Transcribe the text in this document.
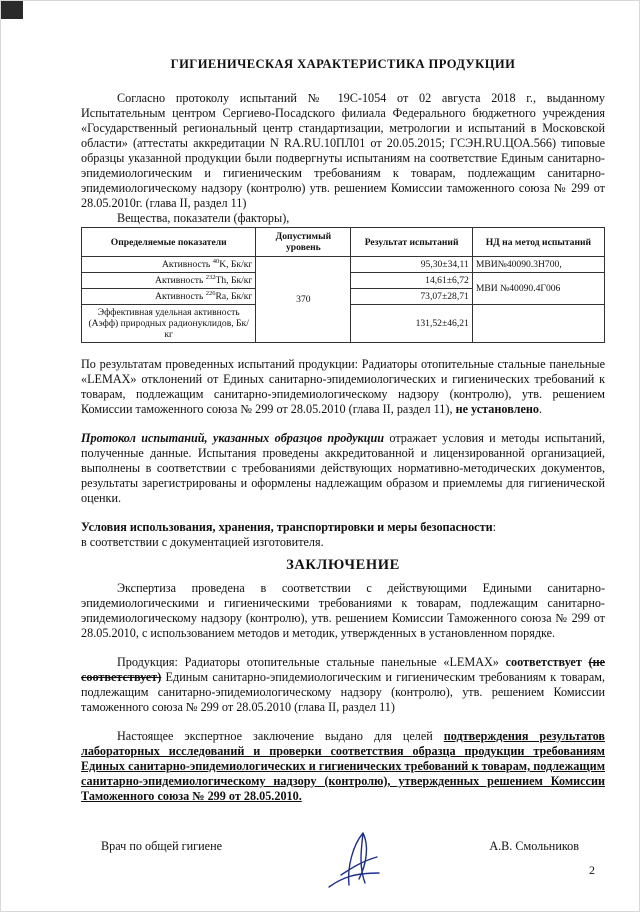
ГИГИЕНИЧЕСКАЯ ХАРАКТЕРИСТИКА ПРОДУКЦИИ

Согласно протоколу испытаний № 19С-1054 от 02 августа 2018 г., выданному Испытательным центром Сергиево-Посадского филиала Федерального бюджетного учреждения «Государственный региональный центр стандартизации, метрологии и испытаний в Московской области» (аттестаты аккредитации N RA.RU.10ПЛ01 от 20.05.2015; ГСЭН.RU.ЦОА.566) типовые образцы указанной продукции были подвергнуты испытаниям на соответствие Единым санитарно-эпидемиологическим и гигиеническим требованиям к товарам, подлежащим санитарно-эпидемиологическому надзору (контролю) утв. решением Комиссии таможенного союза № 299 от 28.05.2010г. (глава II, раздел 11)

Вещества, показатели (факторы),

Определяемые показатели	Допустимый уровень	Результат испытаний	НД на метод испытаний
Активность $^{40}$K, Бк/кг	370	95,30±34,11	МВИ№40090.3Н700,
Активность $^{232}$Th, Бк/кг		14,61±6,72	МВИ №40090.4Г006
Активность $^{226}$Ra, Бк/кг		73,07±28,71	
Эффективная удельная активность (Аэфф) природных радионуклидов, Бк/кг		131,52±46,21	

По результатам проведенных испытаний продукции: Радиаторы отопительные стальные панельные «LEMAX» отклонений от Единых санитарно-эпидемиологических и гигиенических требований к товарам, подлежащим санитарно-эпидемиологическому надзору (контролю), утв. решением Комиссии таможенного союза № 299 от 28.05.2010 (глава II, раздел 11), не установлено.

Протокол испытаний, указанных образцов продукции отражает условия и методы испытаний, полученные данные. Испытания проведены аккредитованной и лицензированной организацией, выполнены в соответствии с требованиями действующих нормативно-методических документов, результаты зарегистрированы и оформлены надлежащим образом и приемлемы для гигиенической оценки.

Условия использования, хранения, транспортировки и меры безопасности:

в соответствии с документацией изготовителя.

ЗАКЛЮЧЕНИЕ

Экспертиза проведена в соответствии с действующими Едиными санитарно-эпидемиологическими и гигиеническими требованиями к товарам, подлежащим санитарно-эпидемиологическому надзору (контролю), утв. решением Комиссии Таможенного союза № 299 от 28.05.2010, с использованием методов и методик, утвержденных в установленном порядке.

Продукция: Радиаторы отопительные стальные панельные «LEMAX» соответствует (не соответствует) Единым санитарно-эпидемиологическим и гигиеническим требованиям к товарам, подлежащим санитарно-эпидемиологическому надзору (контролю), утв. решением Комиссии таможенного союза № 299 от 28.05.2010 (глава II, раздел 11)

Настоящее экспертное заключение выдано для целей подтверждения результатов лабораторных исследований и проверки соответствия образца продукции требованиям Единых санитарно-эпидемиологических и гигиенических требований к товарам, подлежащим санитарно-эпидемиологическому надзору (контролю), утвержденных решением Комиссии Таможенного союза № 299 от 28.05.2010.

Врач по общей гигиене	А.В. Смольников
2
